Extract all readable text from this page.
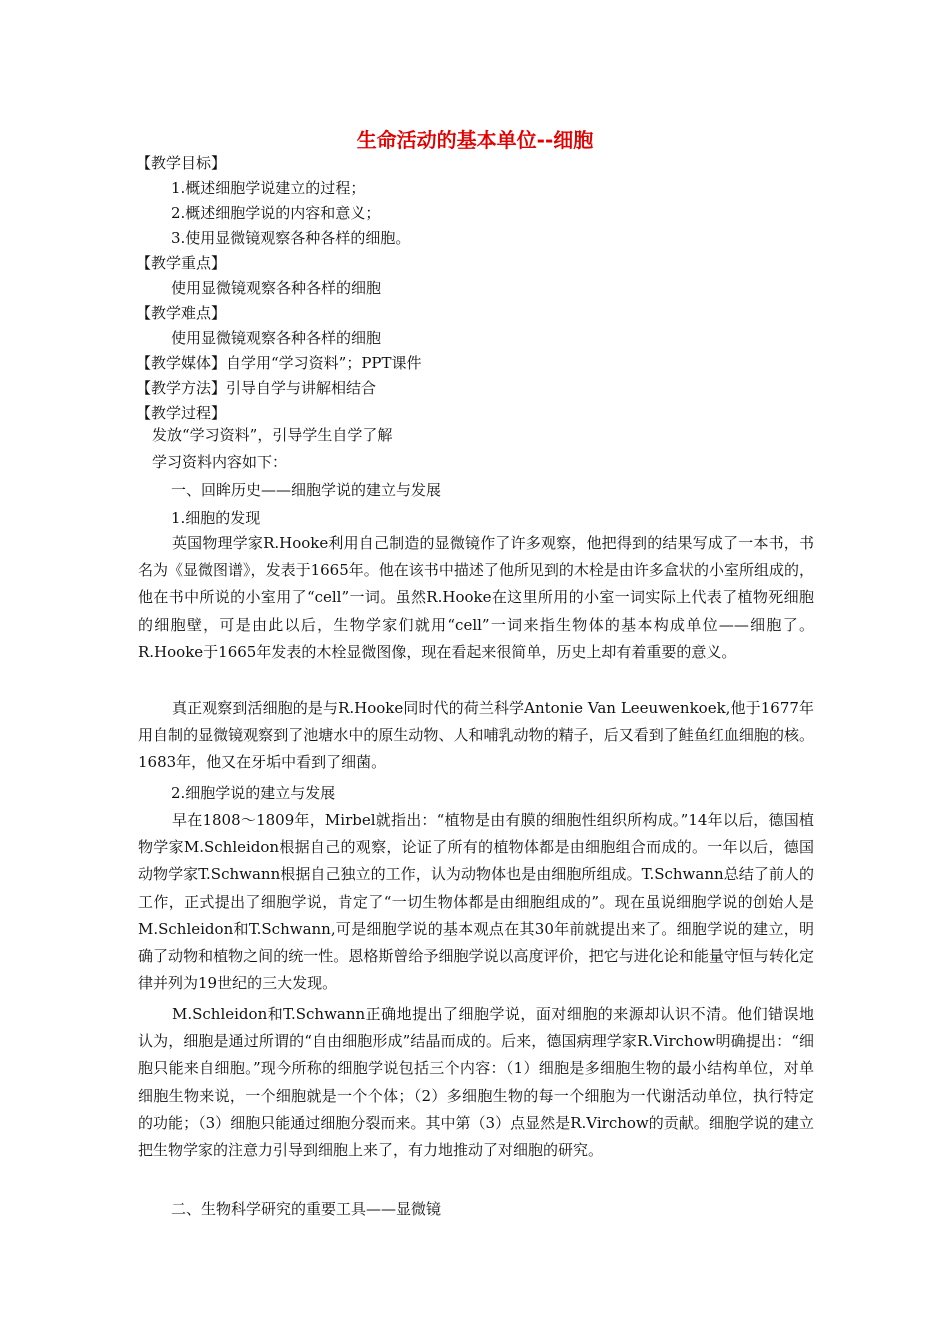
生命活动的基本单位--细胞
【教学目标】
1.概述细胞学说建立的过程；
2.概述细胞学说的内容和意义；
3.使用显微镜观察各种各样的细胞。
【教学重点】
使用显微镜观察各种各样的细胞
【教学难点】
使用显微镜观察各种各样的细胞
【教学媒体】自学用“学习资料”；PPT课件
【教学方法】引导自学与讲解相结合
【教学过程】
发放“学习资料”，引导学生自学了解
学习资料内容如下：
一、回眸历史——细胞学说的建立与发展
1.细胞的发现
英国物理学家R.Hooke利用自己制造的显微镜作了许多观察，他把得到的结果写成了一本书，书名为《显微图谱》，发表于1665年。他在该书中描述了他所见到的木栓是由许多盒状的小室所组成的，他在书中所说的小室用了“cell”一词。虽然R.Hooke在这里所用的小室一词实际上代表了植物死细胞的细胞壁，可是由此以后，生物学家们就用“cell”一词来指生物体的基本构成单位——细胞了。R.Hooke于1665年发表的木栓显微图像，现在看起来很简单，历史上却有着重要的意义。
真正观察到活细胞的是与R.Hooke同时代的荷兰科学Antonie Van Leeuwenkoek,他于1677年用自制的显微镜观察到了池塘水中的原生动物、人和哺乳动物的精子，后又看到了鲑鱼红血细胞的核。1683年，他又在牙垢中看到了细菌。
2.细胞学说的建立与发展
早在1808～1809年，Mirbel就指出：“植物是由有膜的细胞性组织所构成。”14年以后，德国植物学家M.Schleidon根据自己的观察，论证了所有的植物体都是由细胞组合而成的。一年以后，德国动物学家T.Schwann根据自己独立的工作，认为动物体也是由细胞所组成。T.Schwann总结了前人的工作，正式提出了细胞学说，肯定了“一切生物体都是由细胞组成的”。现在虽说细胞学说的创始人是M.Schleidon和T.Schwann,可是细胞学说的基本观点在其30年前就提出来了。细胞学说的建立，明确了动物和植物之间的统一性。恩格斯曾给予细胞学说以高度评价，把它与进化论和能量守恒与转化定律并列为19世纪的三大发现。
M.Schleidon和T.Schwann正确地提出了细胞学说，面对细胞的来源却认识不清。他们错误地认为，细胞是通过所谓的“自由细胞形成”结晶而成的。后来，德国病理学家R.Virchow明确提出：“细胞只能来自细胞。”现今所称的细胞学说包括三个内容：（1）细胞是多细胞生物的最小结构单位，对单细胞生物来说，一个细胞就是一个个体；（2）多细胞生物的每一个细胞为一代谢活动单位，执行特定的功能；（3）细胞只能通过细胞分裂而来。其中第（3）点显然是R.Virchow的贡献。细胞学说的建立把生物学家的注意力引导到细胞上来了，有力地推动了对细胞的研究。
二、生物科学研究的重要工具——显微镜
